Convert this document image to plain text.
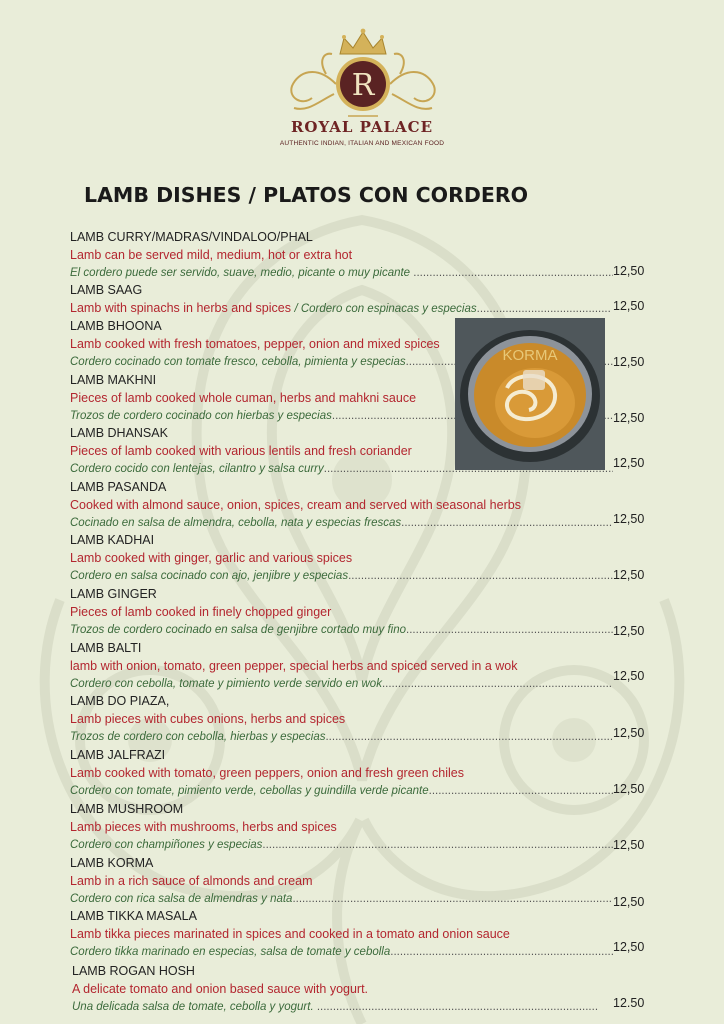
R
ROYAL PALACE
AUTHENTIC INDIAN, ITALIAN AND MEXICAN FOOD
LAMB DISHES / PLATOS CON CORDERO
LAMB CURRY/MADRAS/VINDALOO/PHAL
Lamb can be served mild, medium, hot or extra hot
El cordero puede ser servido, suave, medio, picante o muy picante .....	12,50
LAMB SAAG
Lamb with spinachs in herbs and spices / Cordero con espinacas y especias .....	12,50
LAMB BHOONA
Lamb cooked with fresh tomatoes, pepper, onion and mixed spices
Cordero cocinado con tomate fresco, cebolla, pimienta y especias .....	12,50
LAMB MAKHNI
Pieces of lamb cooked whole cuman, herbs and mahkni sauce
Trozos de cordero cocinado con hierbas y especias .....	12,50
LAMB DHANSAK
Pieces of lamb cooked with various lentils and fresh coriander
Cordero cocido con lentejas, cilantro y salsa curry .....	12,50
LAMB PASANDA
Cooked with almond sauce, onion, spices, cream and served with seasonal herbs
Cocinado en salsa de almendra, cebolla, nata y especias frescas .....	12,50
LAMB KADHAI
Lamb cooked with ginger, garlic and various spices
Cordero en salsa cocinado con ajo, jenjibre y especias .....	12,50
LAMB GINGER
Pieces of lamb cooked in finely chopped ginger
Trozos de cordero cocinado en salsa de genjibre cortado muy fino .....	12,50
LAMB BALTI
lamb with onion, tomato, green pepper, special herbs and spiced served in a wok
Cordero con cebolla, tomate y pimiento verde servido en wok .....
12,50
LAMB DO PIAZA,
Lamb pieces with cubes onions, herbs and spices
Trozos de cordero con cebolla, hierbas y especias .....	12,50
LAMB JALFRAZI
Lamb cooked with tomato, green peppers, onion and fresh green chiles
Cordero con tomate, pimiento verde, cebollas y guindilla verde picante .....	12,50
LAMB MUSHROOM
Lamb pieces with mushrooms, herbs and spices
Cordero con champiñones y especias .....	12,50
LAMB KORMA
Lamb in a rich sauce of almonds and cream
Cordero con rica salsa de almendras y nata .....	12,50
LAMB TIKKA MASALA
Lamb tikka pieces marinated in spices and cooked in a tomato and onion sauce
Cordero tikka marinado en especias, salsa de tomate y cebolla .....	12,50
LAMB ROGAN HOSH
A delicate tomato and onion based sauce with yogurt.
Una delicada salsa de tomate, cebolla y yogurt. .....	12.50
KORMA
